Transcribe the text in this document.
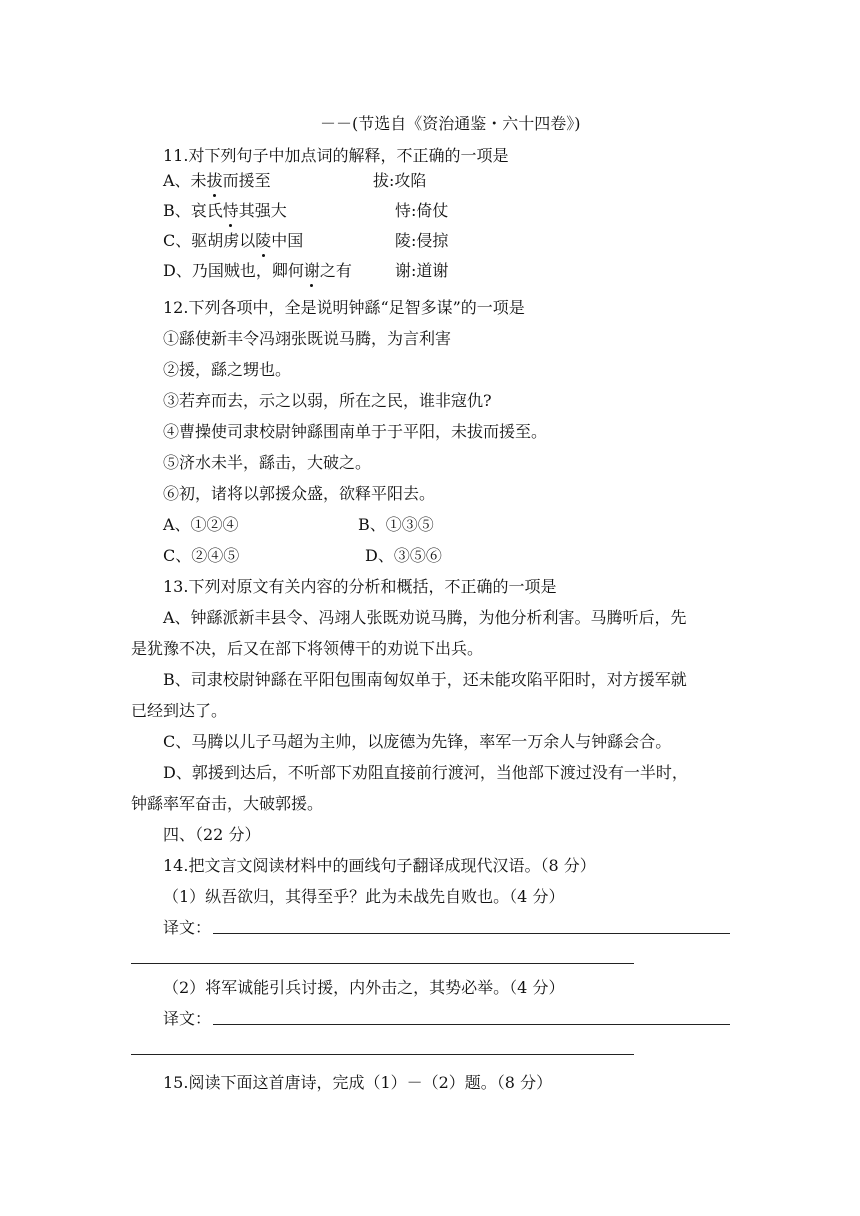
－－(节选自《资治通鉴・六十四卷》)
11.对下列句子中加点词的解释，不正确的一项是
A、未拔而援至	拔:攻陷
B、哀氏恃其强大	恃:倚仗
C、驱胡虏以陵中国	陵:侵掠
D、乃国贼也，卿何谢之有	谢:道谢
12.下列各项中，全是说明钟繇“足智多谋”的一项是
①繇使新丰令冯翊张既说马腾，为言利害
②援，繇之甥也。
③若弃而去，示之以弱，所在之民，谁非寇仇?
④曹操使司隶校尉钟繇围南单于于平阳，未拔而援至。
⑤济水未半，繇击，大破之。
⑥初，诸将以郭援众盛，欲释平阳去。
A、①②④	B、①③⑤
C、②④⑤	D、③⑤⑥
13.下列对原文有关内容的分析和概括，不正确的一项是
A、钟繇派新丰县令、冯翊人张既劝说马腾，为他分析利害。马腾听后，先
是犹豫不决，后又在部下将领傅干的劝说下出兵。
B、司隶校尉钟繇在平阳包围南匈奴单于，还未能攻陷平阳时，对方援军就
已经到达了。
C、马腾以儿子马超为主帅，以庞德为先锋，率军一万余人与钟繇会合。
D、郭援到达后，不听部下劝阻直接前行渡河，当他部下渡过没有一半时，
钟繇率军奋击，大破郭援。
四、（22 分）
14.把文言文阅读材料中的画线句子翻译成现代汉语。（8 分）
（1）纵吾欲归，其得至乎？此为未战先自败也。（4 分）
译文：
（2）将军诚能引兵讨援，内外击之，其势必举。（4 分）
译文：
15.阅读下面这首唐诗，完成（1）－（2）题。（8 分）
